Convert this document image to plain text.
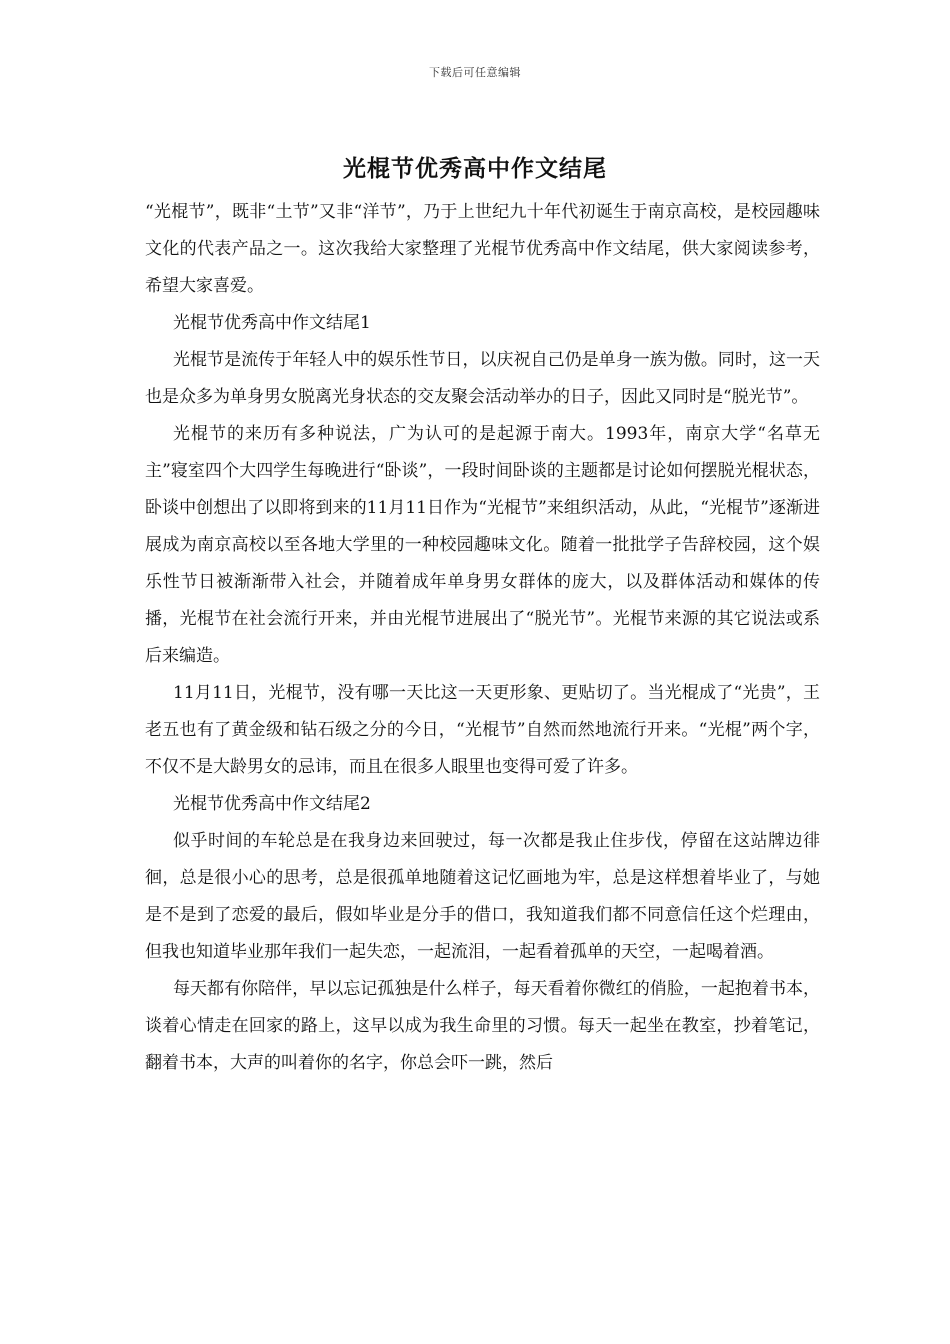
下载后可任意编辑
光棍节优秀高中作文结尾

“光棍节”，既非“土节”又非“洋节”，乃于上世纪九十年代初诞生于南京高校，是校园趣味文化的代表产品之一。这次我给大家整理了光棍节优秀高中作文结尾，供大家阅读参考，希望大家喜爱。

光棍节优秀高中作文结尾1

光棍节是流传于年轻人中的娱乐性节日，以庆祝自己仍是单身一族为傲。同时，这一天也是众多为单身男女脱离光身状态的交友聚会活动举办的日子，因此又同时是“脱光节”。

光棍节的来历有多种说法，广为认可的是起源于南大。1993年，南京大学“名草无主”寝室四个大四学生每晚进行“卧谈”，一段时间卧谈的主题都是讨论如何摆脱光棍状态，卧谈中创想出了以即将到来的11月11日作为“光棍节”来组织活动，从此，“光棍节”逐渐进展成为南京高校以至各地大学里的一种校园趣味文化。随着一批批学子告辞校园，这个娱乐性节日被渐渐带入社会，并随着成年单身男女群体的庞大，以及群体活动和媒体的传播，光棍节在社会流行开来，并由光棍节进展出了“脱光节”。光棍节来源的其它说法或系后来编造。

11月11日，光棍节，没有哪一天比这一天更形象、更贴切了。当光棍成了“光贵”，王老五也有了黄金级和钻石级之分的今日，“光棍节”自然而然地流行开来。“光棍”两个字，不仅不是大龄男女的忌讳，而且在很多人眼里也变得可爱了许多。

光棍节优秀高中作文结尾2

似乎时间的车轮总是在我身边来回驶过，每一次都是我止住步伐，停留在这站牌边徘徊，总是很小心的思考，总是很孤单地随着这记忆画地为牢，总是这样想着毕业了，与她是不是到了恋爱的最后，假如毕业是分手的借口，我知道我们都不同意信任这个烂理由，但我也知道毕业那年我们一起失恋，一起流泪，一起看着孤单的天空，一起喝着酒。

每天都有你陪伴，早以忘记孤独是什么样子，每天看着你微红的俏脸，一起抱着书本，谈着心情走在回家的路上，这早以成为我生命里的习惯。每天一起坐在教室，抄着笔记，翻着书本，大声的叫着你的名字，你总会吓一跳，然后
